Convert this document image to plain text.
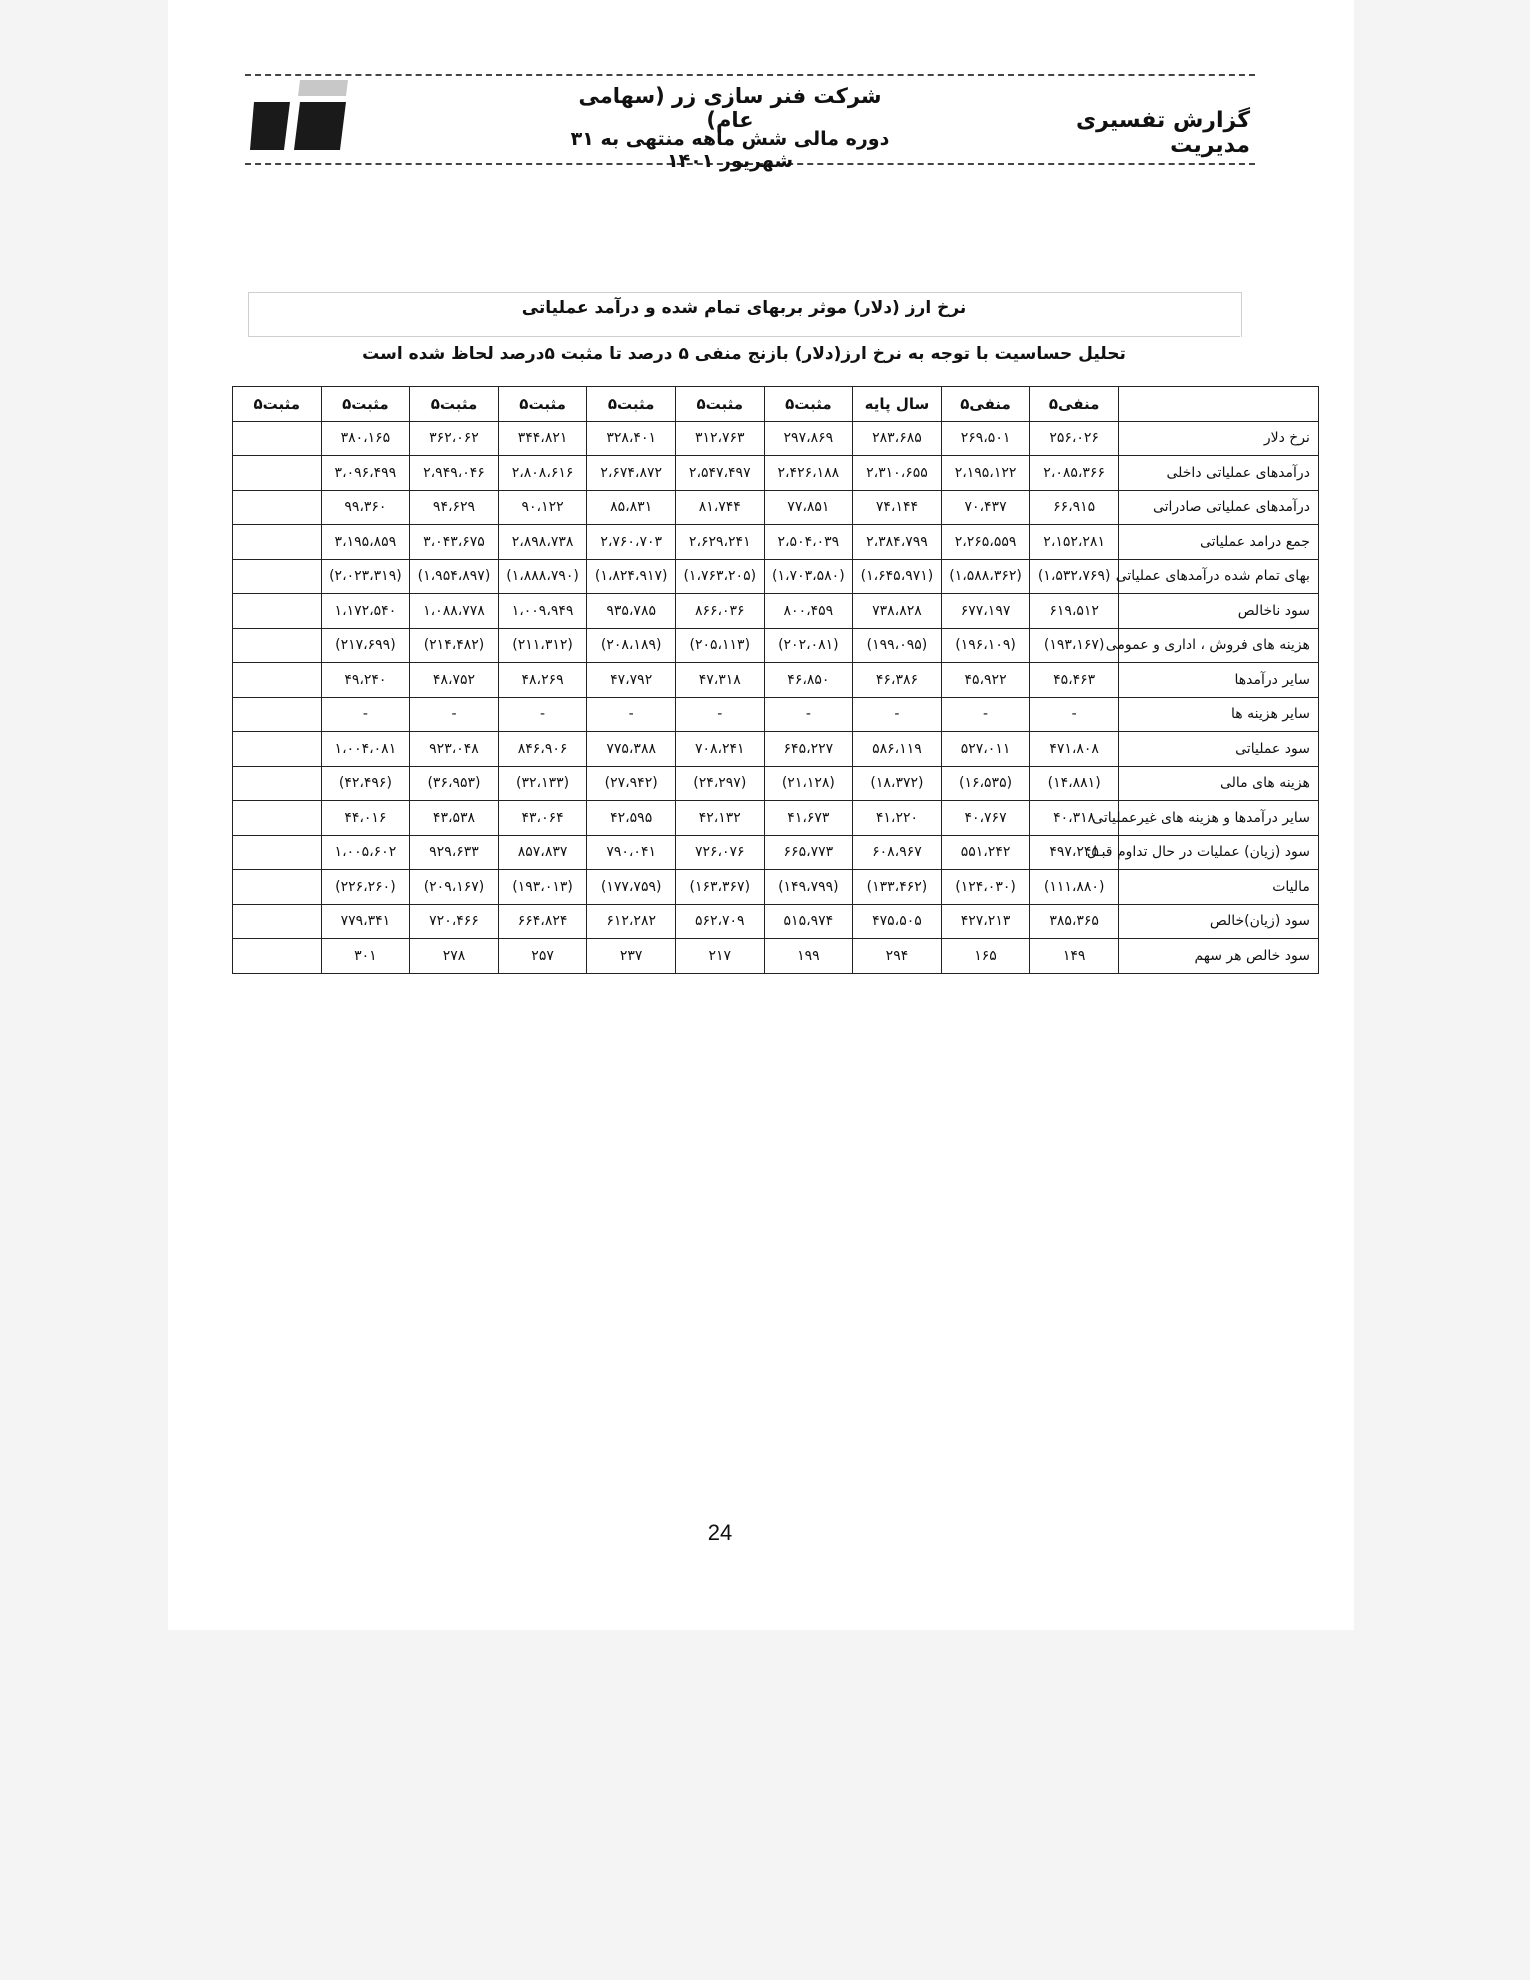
شرکت فنر سازی زر (سهامی عام)
دوره مالی شش ماهه منتهی به ۳۱ شهریور ۱۴۰۱
گزارش تفسیری مدیریت
نرخ ارز (دلار) موثر بربهای تمام شده و درآمد عملیاتی
تحلیل حساسیت با توجه به نرخ ارز(دلار) بازنج منفی ۵ درصد تا مثبت ۵درصد لحاظ شده است
	منفی۵	منفی۵	سال پایه	مثبت۵	مثبت۵	مثبت۵	مثبت۵	مثبت۵	مثبت۵	مثبت۵
نرخ دلار	۲۵۶،۰۲۶	۲۶۹،۵۰۱	۲۸۳،۶۸۵	۲۹۷،۸۶۹	۳۱۲،۷۶۳	۳۲۸،۴۰۱	۳۴۴،۸۲۱	۳۶۲،۰۶۲	۳۸۰،۱۶۵	
درآمدهای عملیاتی داخلی	۲،۰۸۵،۳۶۶	۲،۱۹۵،۱۲۲	۲،۳۱۰،۶۵۵	۲،۴۲۶،۱۸۸	۲،۵۴۷،۴۹۷	۲،۶۷۴،۸۷۲	۲،۸۰۸،۶۱۶	۲،۹۴۹،۰۴۶	۳،۰۹۶،۴۹۹	
درآمدهای عملیاتی صادراتی	۶۶،۹۱۵	۷۰،۴۳۷	۷۴،۱۴۴	۷۷،۸۵۱	۸۱،۷۴۴	۸۵،۸۳۱	۹۰،۱۲۲	۹۴،۶۲۹	۹۹،۳۶۰	
جمع درامد عملیاتی	۲،۱۵۲،۲۸۱	۲،۲۶۵،۵۵۹	۲،۳۸۴،۷۹۹	۲،۵۰۴،۰۳۹	۲،۶۲۹،۲۴۱	۲،۷۶۰،۷۰۳	۲،۸۹۸،۷۳۸	۳،۰۴۳،۶۷۵	۳،۱۹۵،۸۵۹	
بهای تمام شده درآمدهای عملیاتی	(۱،۵۳۲،۷۶۹)	(۱،۵۸۸،۳۶۲)	(۱،۶۴۵،۹۷۱)	(۱،۷۰۳،۵۸۰)	(۱،۷۶۳،۲۰۵)	(۱،۸۲۴،۹۱۷)	(۱،۸۸۸،۷۹۰)	(۱،۹۵۴،۸۹۷)	(۲،۰۲۳،۳۱۹)	
سود ناخالص	۶۱۹،۵۱۲	۶۷۷،۱۹۷	۷۳۸،۸۲۸	۸۰۰،۴۵۹	۸۶۶،۰۳۶	۹۳۵،۷۸۵	۱،۰۰۹،۹۴۹	۱،۰۸۸،۷۷۸	۱،۱۷۲،۵۴۰	
هزینه های فروش ، اداری و عمومی	(۱۹۳،۱۶۷)	(۱۹۶،۱۰۹)	(۱۹۹،۰۹۵)	(۲۰۲،۰۸۱)	(۲۰۵،۱۱۳)	(۲۰۸،۱۸۹)	(۲۱۱،۳۱۲)	(۲۱۴،۴۸۲)	(۲۱۷،۶۹۹)	
سایر درآمدها	۴۵،۴۶۳	۴۵،۹۲۲	۴۶،۳۸۶	۴۶،۸۵۰	۴۷،۳۱۸	۴۷،۷۹۲	۴۸،۲۶۹	۴۸،۷۵۲	۴۹،۲۴۰	
سایر هزینه ها	-	-	-	-	-	-	-	-	-	
سود عملیاتی	۴۷۱،۸۰۸	۵۲۷،۰۱۱	۵۸۶،۱۱۹	۶۴۵،۲۲۷	۷۰۸،۲۴۱	۷۷۵،۳۸۸	۸۴۶،۹۰۶	۹۲۳،۰۴۸	۱،۰۰۴،۰۸۱	
هزینه های مالی	(۱۴،۸۸۱)	(۱۶،۵۳۵)	(۱۸،۳۷۲)	(۲۱،۱۲۸)	(۲۴،۲۹۷)	(۲۷،۹۴۲)	(۳۲،۱۳۳)	(۳۶،۹۵۳)	(۴۲،۴۹۶)	
سایر درآمدها و هزینه های غیرعملیاتی	۴۰،۳۱۸	۴۰،۷۶۷	۴۱،۲۲۰	۴۱،۶۷۳	۴۲،۱۳۲	۴۲،۵۹۵	۴۳،۰۶۴	۴۳،۵۳۸	۴۴،۰۱۶	
سود (زیان) عملیات در حال تداوم قبـل	۴۹۷،۲۴۵	۵۵۱،۲۴۲	۶۰۸،۹۶۷	۶۶۵،۷۷۳	۷۲۶،۰۷۶	۷۹۰،۰۴۱	۸۵۷،۸۳۷	۹۲۹،۶۳۳	۱،۰۰۵،۶۰۲	
مالیات	(۱۱۱،۸۸۰)	(۱۲۴،۰۳۰)	(۱۳۳،۴۶۲)	(۱۴۹،۷۹۹)	(۱۶۳،۳۶۷)	(۱۷۷،۷۵۹)	(۱۹۳،۰۱۳)	(۲۰۹،۱۶۷)	(۲۲۶،۲۶۰)	
سود (زیان)خالص	۳۸۵،۳۶۵	۴۲۷،۲۱۳	۴۷۵،۵۰۵	۵۱۵،۹۷۴	۵۶۲،۷۰۹	۶۱۲،۲۸۲	۶۶۴،۸۲۴	۷۲۰،۴۶۶	۷۷۹،۳۴۱	
سود خالص هر سهم	۱۴۹	۱۶۵	۲۹۴	۱۹۹	۲۱۷	۲۳۷	۲۵۷	۲۷۸	۳۰۱	
24
